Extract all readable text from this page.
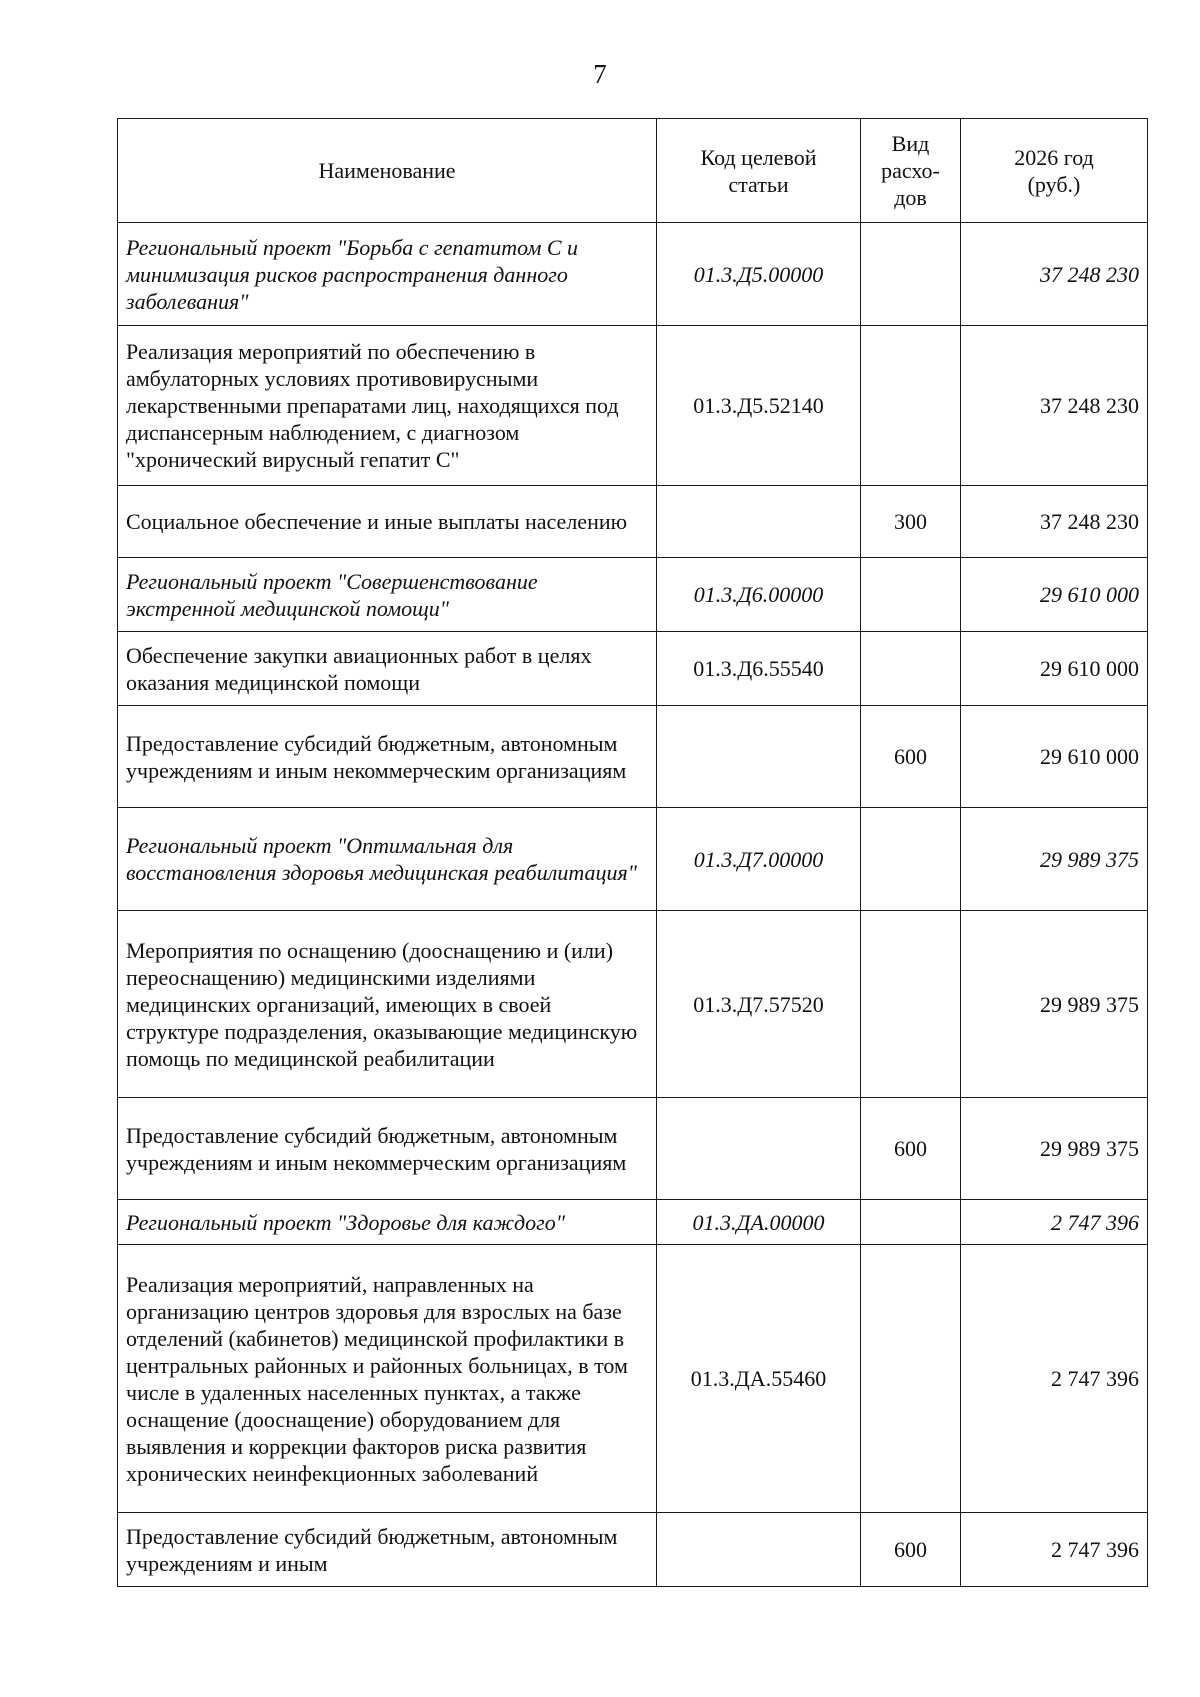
7
Наименование	Код целевой статьи	Вид расхо-дов	2026 год (руб.)
Региональный проект "Борьба с гепатитом С и минимизация рисков распространения данного заболевания"	01.3.Д5.00000		37 248 230
Реализация мероприятий по обеспечению в амбулаторных условиях противовирусными лекарственными препаратами лиц, находящихся под диспансерным наблюдением, с диагнозом "хронический вирусный гепатит С"	01.3.Д5.52140		37 248 230
Социальное обеспечение и иные выплаты населению		300	37 248 230
Региональный проект "Совершенствование экстренной медицинской помощи"	01.3.Д6.00000		29 610 000
Обеспечение закупки авиационных работ в целях оказания медицинской помощи	01.3.Д6.55540		29 610 000
Предоставление субсидий бюджетным, автономным учреждениям и иным некоммерческим организациям		600	29 610 000
Региональный проект "Оптимальная для восстановления здоровья медицинская реабилитация"	01.3.Д7.00000		29 989 375
Мероприятия по оснащению (дооснащению и (или) переоснащению) медицинскими изделиями медицинских организаций, имеющих в своей структуре подразделения, оказывающие медицинскую помощь по медицинской реабилитации	01.3.Д7.57520		29 989 375
Предоставление субсидий бюджетным, автономным учреждениям и иным некоммерческим организациям		600	29 989 375
Региональный проект "Здоровье для каждого"	01.3.ДА.00000		2 747 396
Реализация мероприятий, направленных на организацию центров здоровья для взрослых на базе отделений (кабинетов) медицинской профилактики в центральных районных и районных больницах, в том числе в удаленных населенных пунктах, а также оснащение (дооснащение) оборудованием для выявления и коррекции факторов риска развития хронических неинфекционных заболеваний	01.3.ДА.55460		2 747 396
Предоставление субсидий бюджетным, автономным учреждениям и иным		600	2 747 396
